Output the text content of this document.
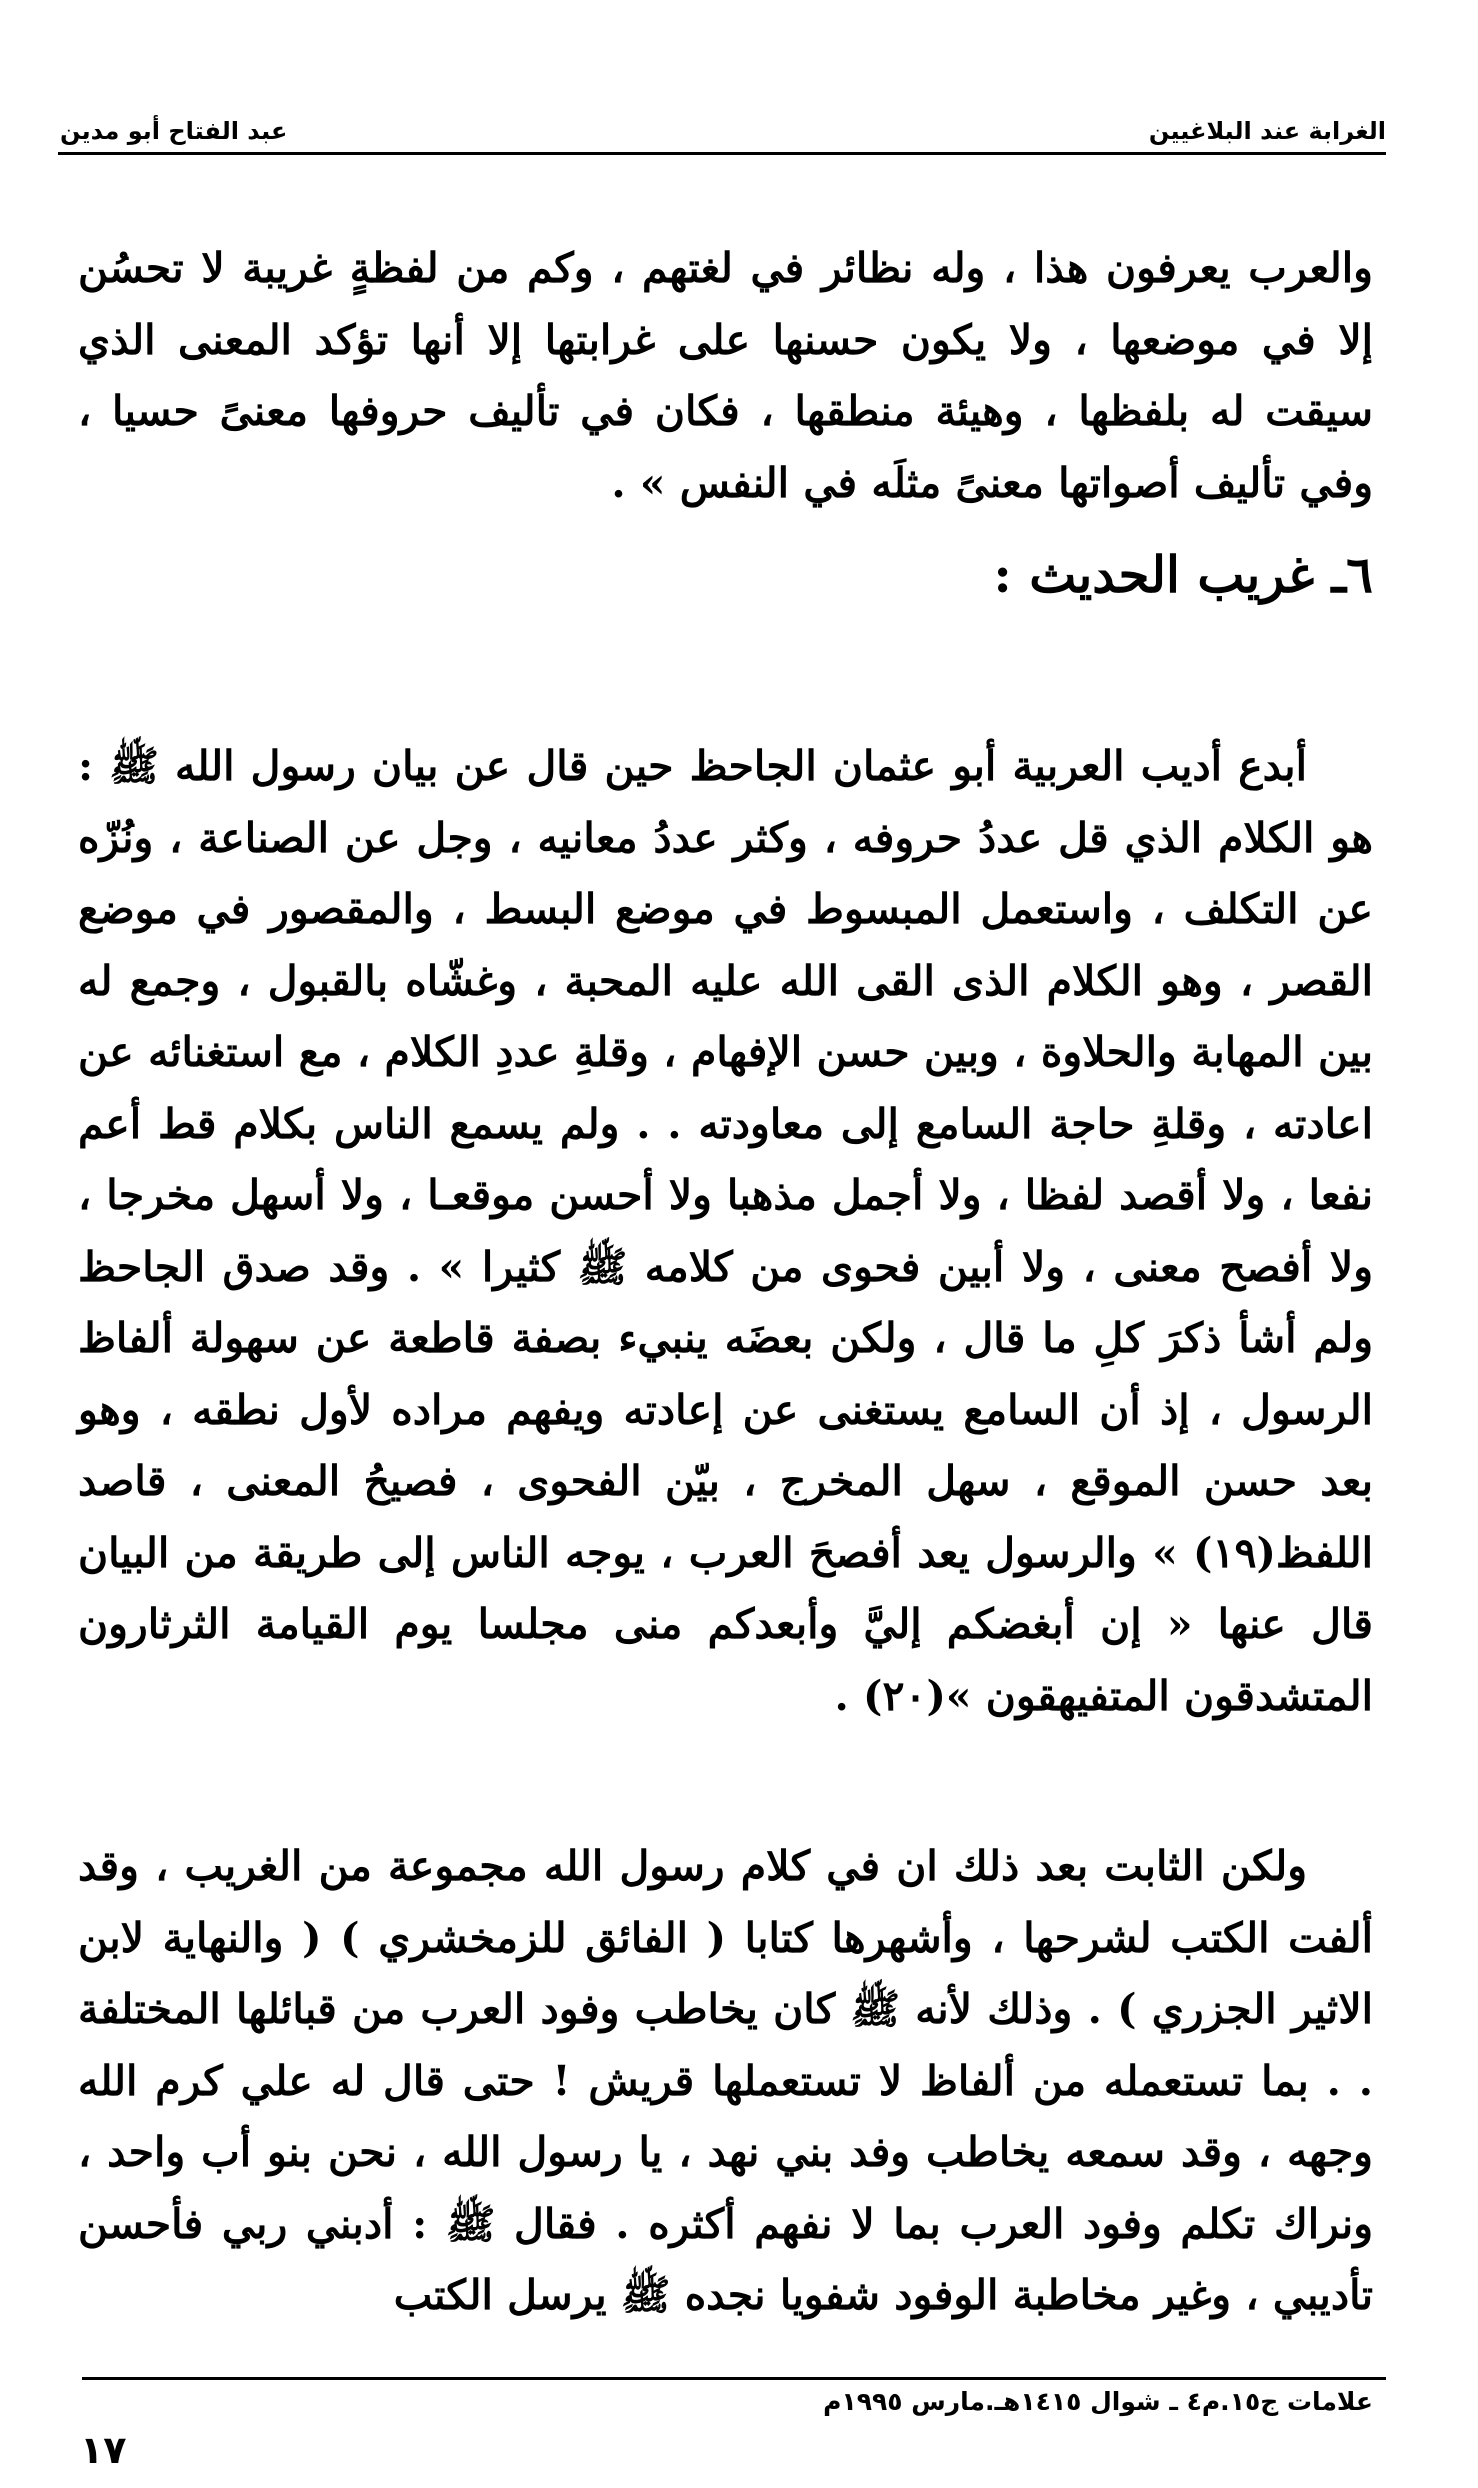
عبد الفتاح أبو مدين	الغرابة عند البلاغيين

والعرب يعرفون هذا ، وله نظائر في لغتهم ، وكم من لفظةٍ غريبة لا تحسُن إلا في موضعها ، ولا يكون حسنها على غرابتها إلا أنها تؤكد المعنى الذي سيقت له بلفظها ، وهيئة منطقها ، فكان في تأليف حروفها معنىً حسيا ، وفي تأليف أصواتها معنىً مثلَه في النفس » .

٦ـ غريب الحديث :

أبدع أديب العربية أبو عثمان الجاحظ حين قال عن بيان رسول الله ﷺ : هو الكلام الذي قل عددُ حروفه ، وكثر عددُ معانيه ، وجل عن الصناعة ، ونُزّه عن التكلف ، واستعمل المبسوط في موضع البسط ، والمقصور في موضع القصر ، وهو الكلام الذى القى الله عليه المحبة ، وغشّاه بالقبول ، وجمع له بين المهابة والحلاوة ، وبين حسن الإفهام ، وقلةِ عددِ الكلام ، مع استغنائه عن اعادته ، وقلةِ حاجة السامع إلى معاودته . . ولم يسمع الناس بكلام قط أعم نفعا ، ولا أقصد لفظا ، ولا أجمل مذهبا ولا أحسن موقعـا ، ولا أسهل مخرجا ، ولا أفصح معنى ، ولا أبين فحوى من كلامه ﷺ كثيرا » . وقد صدق الجاحظ ولم أشأ ذكرَ كلِ ما قال ، ولكن بعضَه ينبيء بصفة قاطعة عن سهولة ألفاظ الرسول ، إذ أن السامع يستغنى عن إعادته ويفهم مراده لأول نطقه ، وهو بعد حسن الموقع ، سهل المخرج ، بيّن الفحوى ، فصيحُ المعنى ، قاصد اللفظ(١٩) » والرسول يعد أفصحَ العرب ، يوجه الناس إلى طريقة من البيان قال عنها « إن أبغضكم إليَّ وأبعدكم منى مجلسا يوم القيامة الثرثارون المتشدقون المتفيهقون »(٢٠) .

ولكن الثابت بعد ذلك ان في كلام رسول الله مجموعة من الغريب ، وقد ألفت الكتب لشرحها ، وأشهرها كتابا ( الفائق للزمخشري ) ( والنهاية لابن الاثير الجزري ) . وذلك لأنه ﷺ كان يخاطب وفود العرب من قبائلها المختلفة . . بما تستعمله من ألفاظ لا تستعملها قريش ! حتى قال له علي كرم الله وجهه ، وقد سمعه يخاطب وفد بني نهد ، يا رسول الله ، نحن بنو أب واحد ، ونراك تكلم وفود العرب بما لا نفهم أكثره . فقال ﷺ : أدبني ربي فأحسن تأديبي ، وغير مخاطبة الوفود شفويا نجده ﷺ يرسل الكتب

علامات ج١٥.م٤ ـ شوال ١٤١٥هـ.مارس ١٩٩٥م
١٧
